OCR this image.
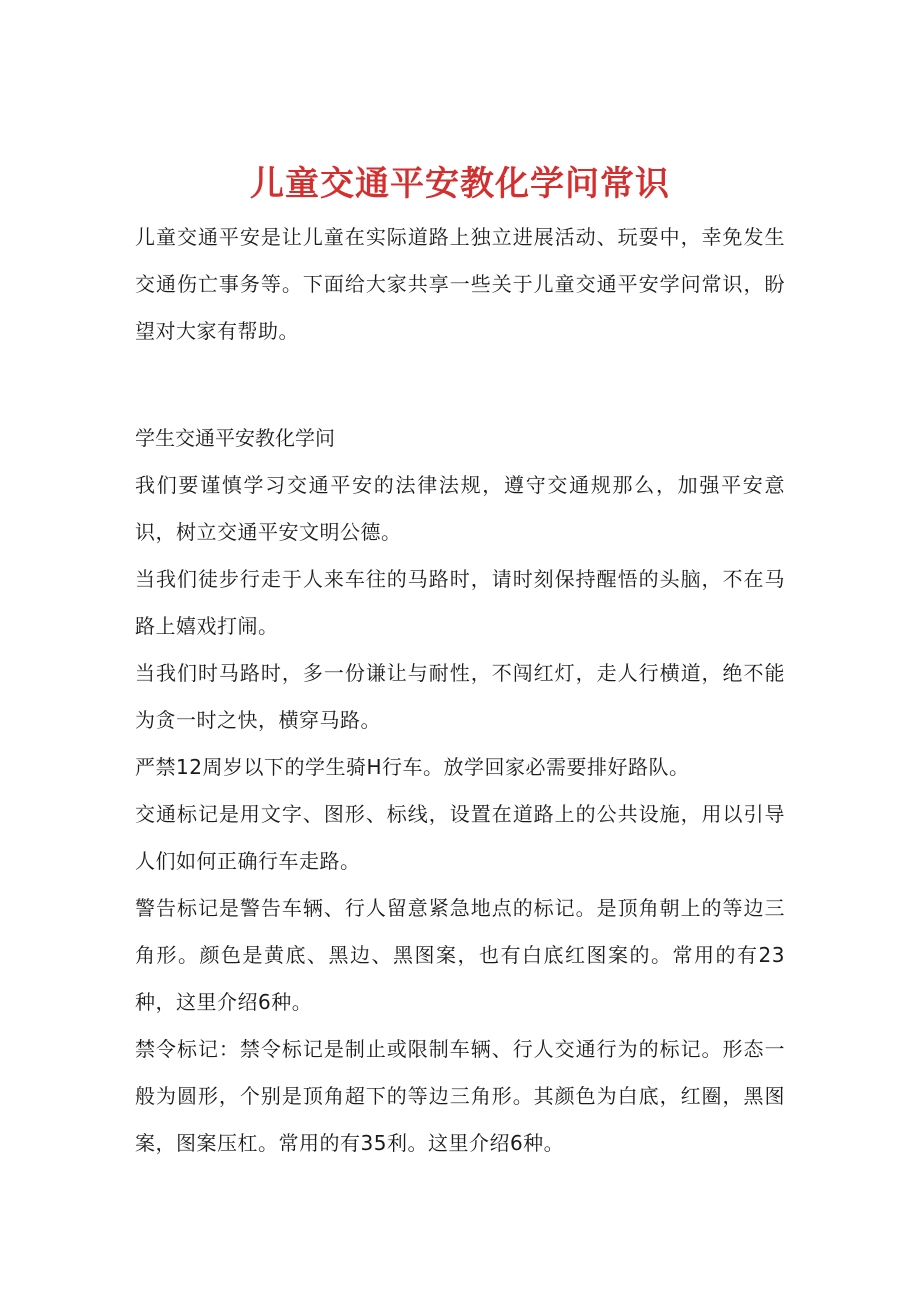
儿童交通平安教化学问常识

儿童交通平安是让儿童在实际道路上独立进展活动、玩耍中，幸免发生交通伤亡事务等。下面给大家共享一些关于儿童交通平安学问常识，盼望对大家有帮助。

学生交通平安教化学问

我们要谨慎学习交通平安的法律法规，遵守交通规那么，加强平安意识，树立交通平安文明公德。

当我们徒步行走于人来车往的马路时，请时刻保持醒悟的头脑，不在马路上嬉戏打闹。

当我们时马路时，多一份谦让与耐性，不闯红灯，走人行横道，绝不能为贪一时之快，横穿马路。

严禁12周岁以下的学生骑H行车。放学回家必需要排好路队。

交通标记是用文字、图形、标线，设置在道路上的公共设施，用以引导人们如何正确行车走路。

警告标记是警告车辆、行人留意紧急地点的标记。是顶角朝上的等边三角形。颜色是黄底、黑边、黑图案，也有白底红图案的。常用的有23种，这里介绍6种。

禁令标记：禁令标记是制止或限制车辆、行人交通行为的标记。形态一般为圆形，个别是顶角超下的等边三角形。其颜色为白底，红圈，黑图案，图案压杠。常用的有35利。这里介绍6种。
